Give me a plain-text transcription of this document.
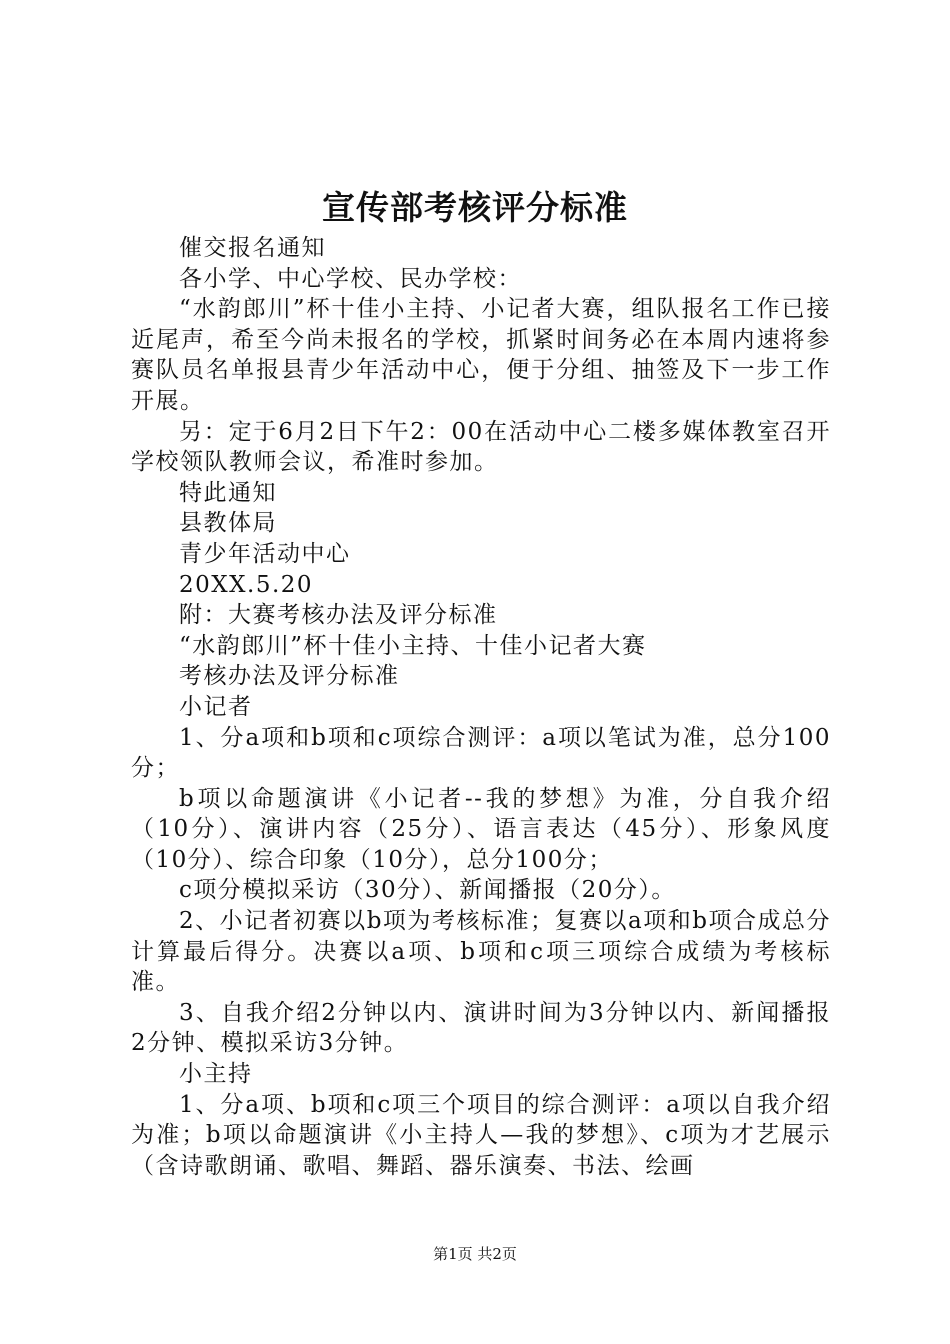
宣传部考核评分标准

催交报名通知

各小学、中心学校、民办学校：

“水韵郎川”杯十佳小主持、小记者大赛，组队报名工作已接近尾声，希至今尚未报名的学校，抓紧时间务必在本周内速将参赛队员名单报县青少年活动中心，便于分组、抽签及下一步工作开展。

另：定于6月2日下午2：00在活动中心二楼多媒体教室召开学校领队教师会议，希准时参加。

特此通知

县教体局

青少年活动中心

20XX.5.20

附：大赛考核办法及评分标准

“水韵郎川”杯十佳小主持、十佳小记者大赛

考核办法及评分标准

小记者

1、分a项和b项和c项综合测评：a项以笔试为准，总分100分；

b项以命题演讲《小记者--我的梦想》为准，分自我介绍（10分）、演讲内容（25分）、语言表达（45分）、形象风度（10分）、综合印象（10分），总分100分；

c项分模拟采访（30分）、新闻播报（20分）。

2、小记者初赛以b项为考核标准；复赛以a项和b项合成总分计算最后得分。决赛以a项、b项和c项三项综合成绩为考核标准。

3、自我介绍2分钟以内、演讲时间为3分钟以内、新闻播报2分钟、模拟采访3分钟。

小主持

1、分a项、b项和c项三个项目的综合测评：a项以自我介绍为准；b项以命题演讲《小主持人—我的梦想》、c项为才艺展示（含诗歌朗诵、歌唱、舞蹈、器乐演奏、书法、绘画

第1页 共2页
